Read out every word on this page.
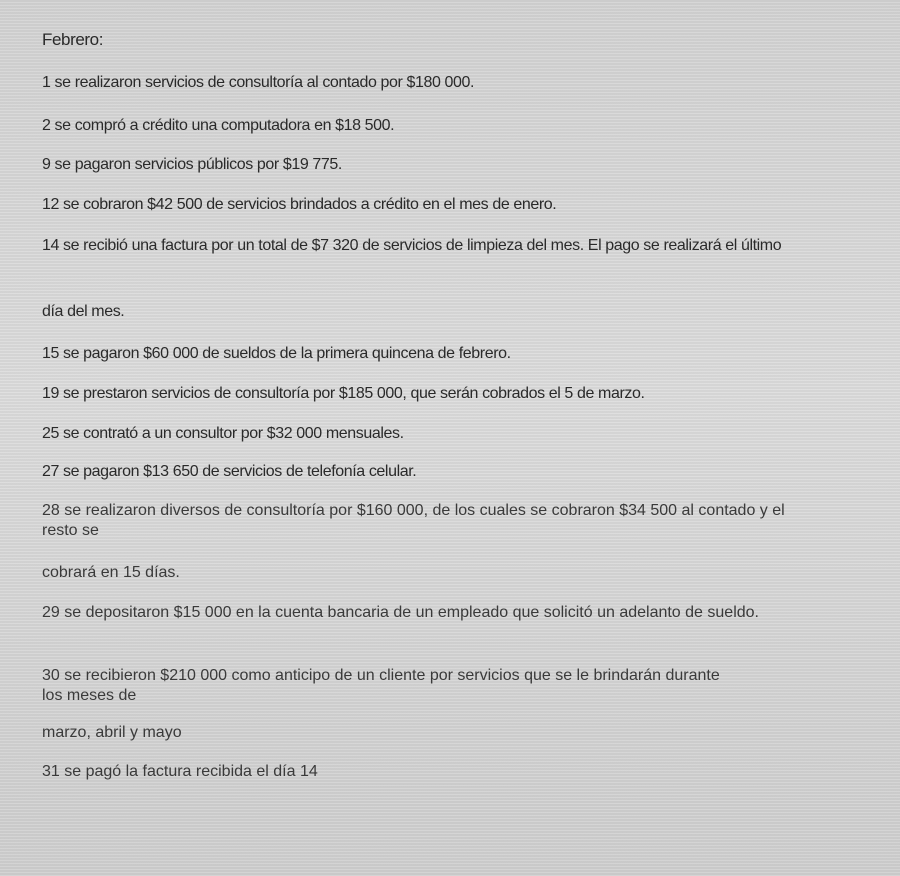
Febrero:
1 se realizaron servicios de consultoría al contado por $180 000.
2 se compró a crédito una computadora en $18 500.
9 se pagaron servicios públicos por $19 775.
12 se cobraron $42 500 de servicios brindados a crédito en el mes de enero.
14 se recibió una factura por un total de $7 320 de servicios de limpieza del mes. El pago se realizará el último
día del mes.
15 se pagaron $60 000 de sueldos de la primera quincena de febrero.
19 se prestaron servicios de consultoría por $185 000, que serán cobrados el 5 de marzo.
25 se contrató a un consultor por $32 000 mensuales.
27 se pagaron $13 650 de servicios de telefonía celular.
28 se realizaron diversos de consultoría por $160 000, de los cuales se cobraron $34 500 al contado y el resto se
cobrará en 15 días.
29 se depositaron $15 000 en la cuenta bancaria de un empleado que solicitó un adelanto de sueldo.
30 se recibieron $210 000 como anticipo de un cliente por servicios que se le brindarán durante los meses de
marzo, abril y mayo
31 se pagó la factura recibida el día 14
